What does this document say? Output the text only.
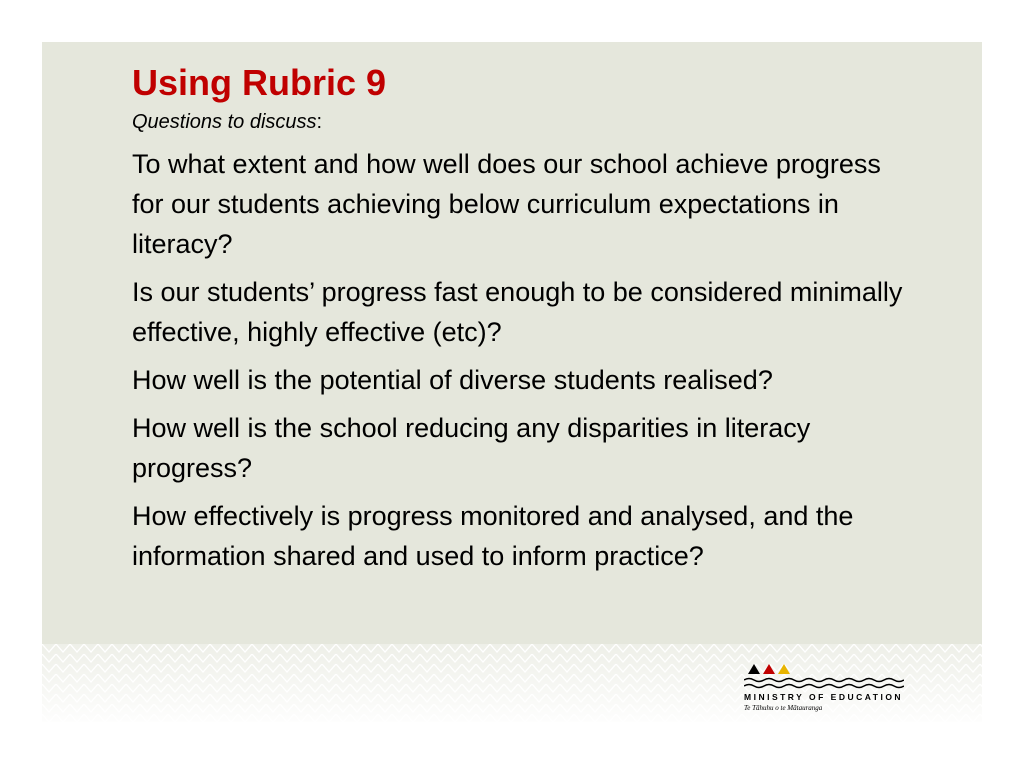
Using Rubric 9
Questions to discuss:

To what extent and how well does our school achieve progress for our students achieving below curriculum expectations in literacy?

Is our students’ progress fast enough to be considered minimally effective, highly effective (etc)?

How well is the potential of diverse students realised?

How well is the school reducing any disparities in literacy progress?

How effectively is progress monitored and analysed, and the information shared and used to inform practice?

MINISTRY OF EDUCATION
Te Tāhuhu o te Mātauranga
